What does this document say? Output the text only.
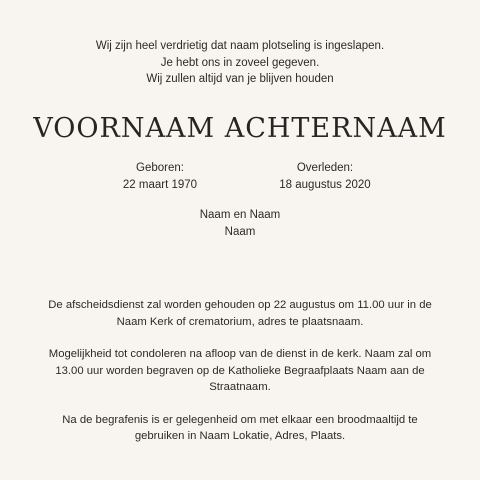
Wij zijn heel verdrietig dat naam plotseling is ingeslapen.
Je hebt ons in zoveel gegeven.
Wij zullen altijd van je blijven houden
VOORNAAM ACHTERNAAM
Geboren:
22 maart 1970
Overleden:
18 augustus 2020
Naam en Naam
Naam

De afscheidsdienst zal worden gehouden op 22 augustus om 11.00 uur in de Naam Kerk of crematorium, adres te plaatsnaam.

Mogelijkheid tot condoleren na afloop van de dienst in de kerk. Naam zal om 13.00 uur worden begraven op de Katholieke Begraafplaats Naam aan de Straatnaam.

Na de begrafenis is er gelegenheid om met elkaar een broodmaaltijd te gebruiken in Naam Lokatie, Adres, Plaats.
